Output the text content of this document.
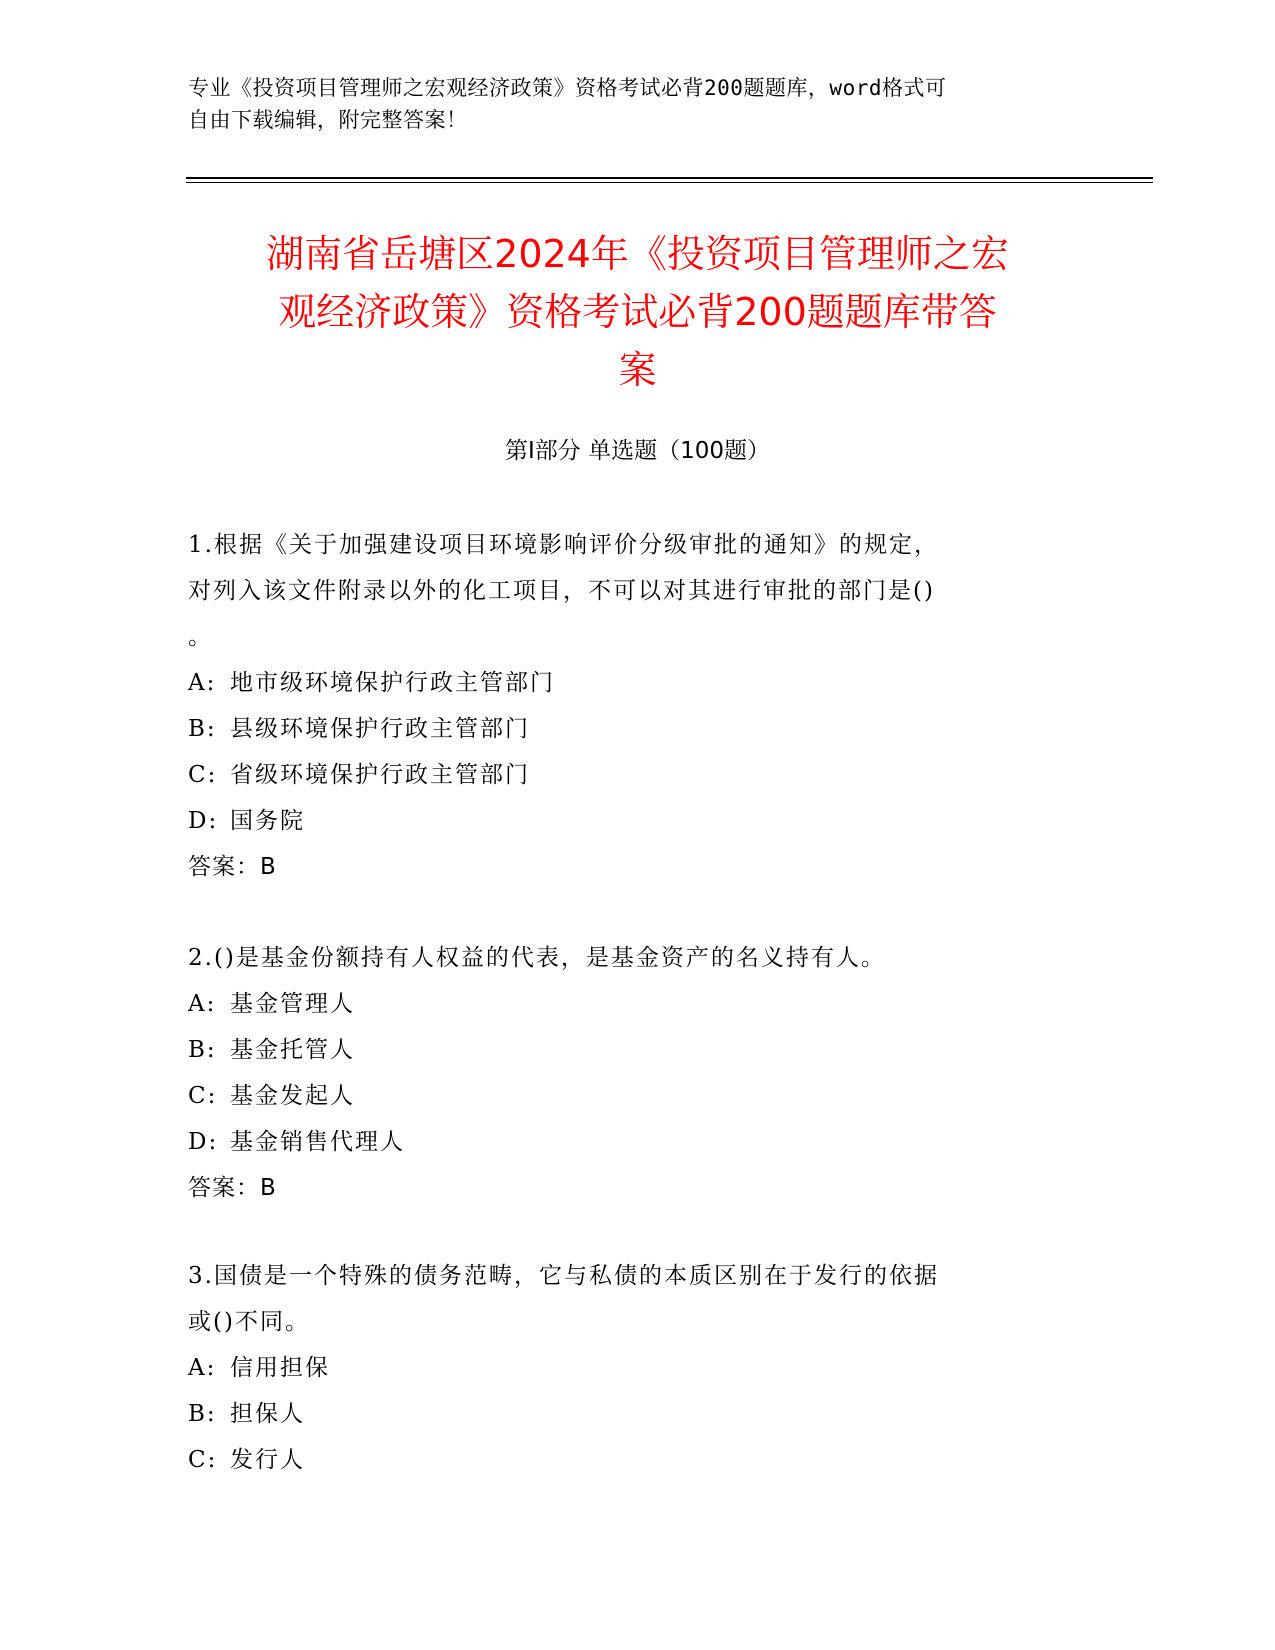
专业《投资项目管理师之宏观经济政策》资格考试必背200题题库，word格式可
自由下载编辑，附完整答案！
湖南省岳塘区2024年《投资项目管理师之宏
观经济政策》资格考试必背200题题库带答
案
第I部分 单选题（100题）

1.根据《关于加强建设项目环境影响评价分级审批的通知》的规定，

对列入该文件附录以外的化工项目，不可以对其进行审批的部门是()

。

A: 地市级环境保护行政主管部门

B: 县级环境保护行政主管部门

C: 省级环境保护行政主管部门

D: 国务院

答案：B

2.()是基金份额持有人权益的代表，是基金资产的名义持有人。

A: 基金管理人

B: 基金托管人

C: 基金发起人

D: 基金销售代理人

答案：B

3.国债是一个特殊的债务范畴，它与私债的本质区别在于发行的依据

或()不同。

A: 信用担保

B: 担保人

C: 发行人
